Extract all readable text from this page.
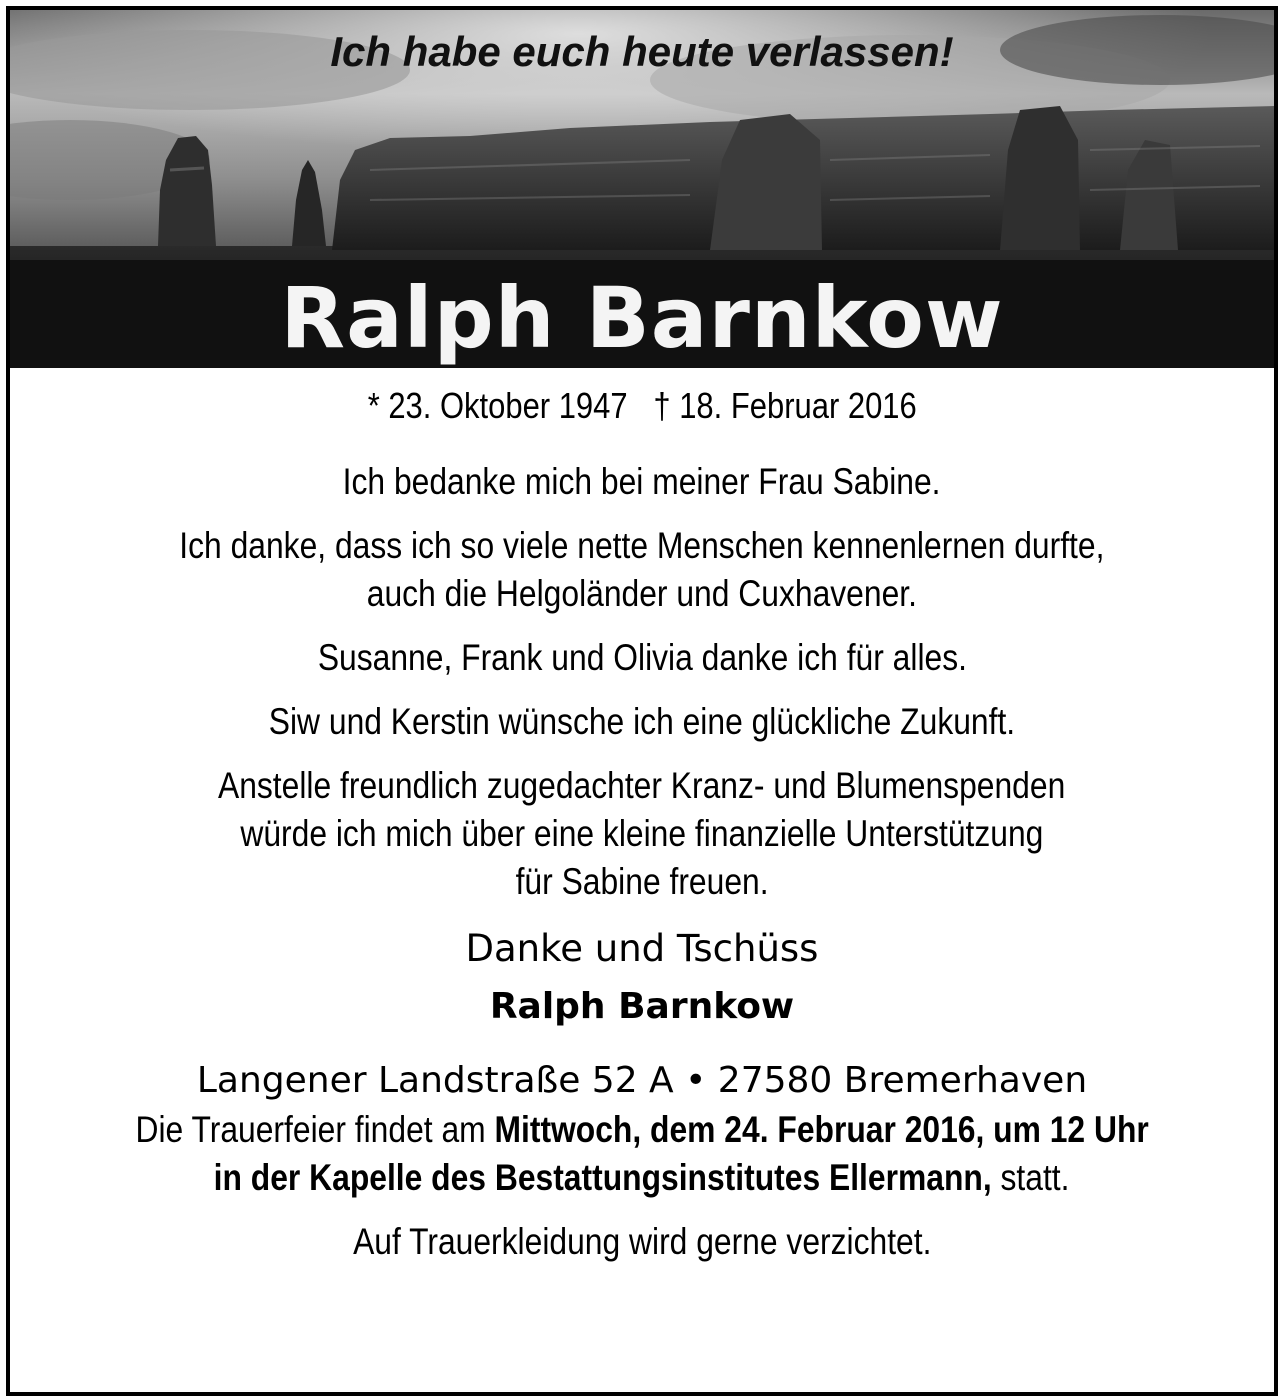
Ich habe euch heute verlassen!
Ralph Barnkow
* 23. Oktober 1947 † 18. Februar 2016

Ich bedanke mich bei meiner Frau Sabine.

Ich danke, dass ich so viele nette Menschen kennenlernen durfte,

auch die Helgoländer und Cuxhavener.

Susanne, Frank und Olivia danke ich für alles.

Siw und Kerstin wünsche ich eine glückliche Zukunft.

Anstelle freundlich zugedachter Kranz- und Blumenspenden

würde ich mich über eine kleine finanzielle Unterstützung

für Sabine freuen.

Danke und Tschüss

Ralph Barnkow

Langener Landstraße 52 A • 27580 Bremerhaven

Die Trauerfeier findet am Mittwoch, dem 24. Februar 2016, um 12 Uhr

in der Kapelle des Bestattungsinstitutes Ellermann, statt.

Auf Trauerkleidung wird gerne verzichtet.
